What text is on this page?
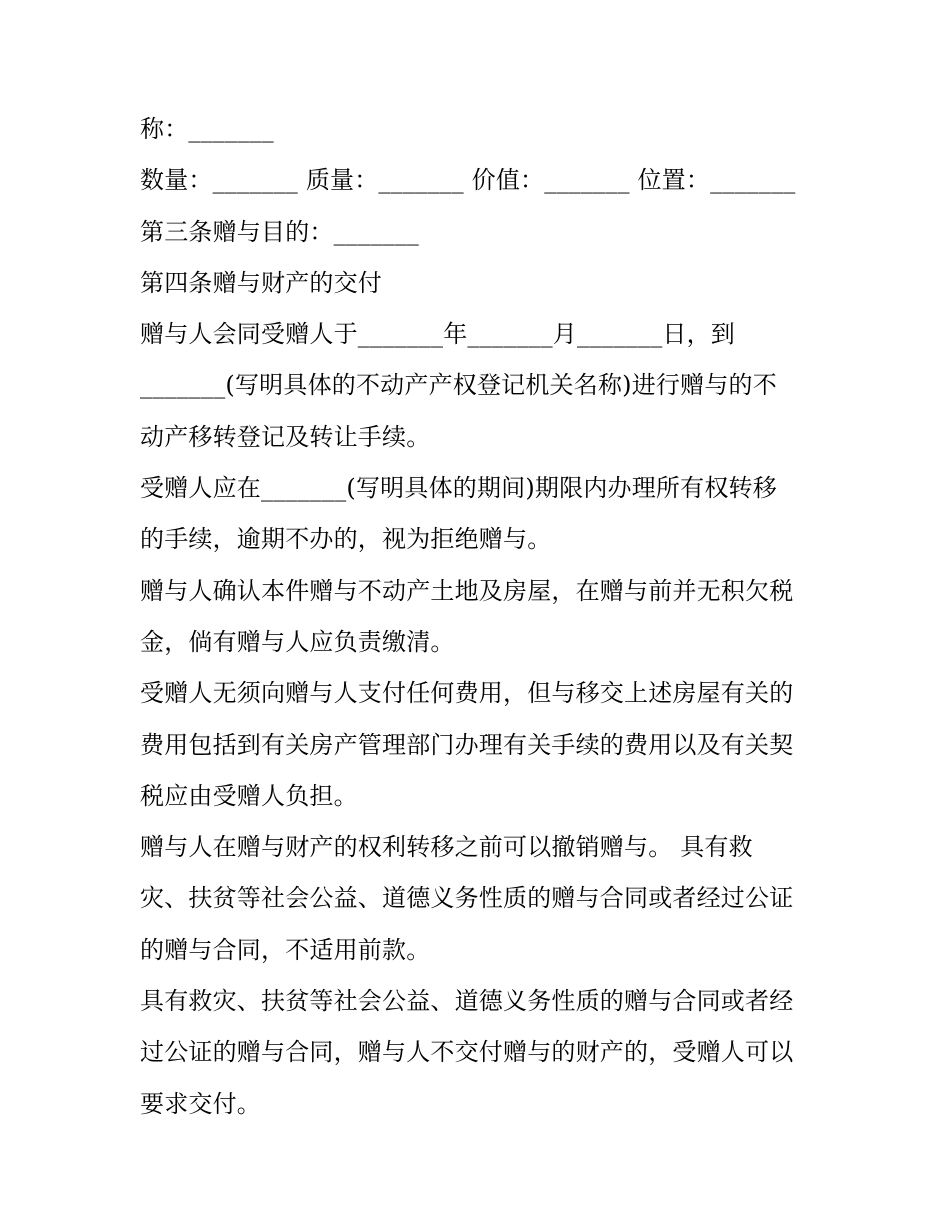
称：_______
数量：_______ 质量：_______ 价值：_______ 位置：_______
第三条赠与目的：_______
第四条赠与财产的交付
赠与人会同受赠人于_______年_______月_______日，到
_______(写明具体的不动产产权登记机关名称)进行赠与的不
动产移转登记及转让手续。
受赠人应在_______(写明具体的期间)期限内办理所有权转移
的手续，逾期不办的，视为拒绝赠与。
赠与人确认本件赠与不动产土地及房屋，在赠与前并无积欠税
金，倘有赠与人应负责缴清。
受赠人无须向赠与人支付任何费用，但与移交上述房屋有关的
费用包括到有关房产管理部门办理有关手续的费用以及有关契
税应由受赠人负担。
赠与人在赠与财产的权利转移之前可以撤销赠与。 具有救
灾、扶贫等社会公益、道德义务性质的赠与合同或者经过公证
的赠与合同，不适用前款。
具有救灾、扶贫等社会公益、道德义务性质的赠与合同或者经
过公证的赠与合同，赠与人不交付赠与的财产的，受赠人可以
要求交付。
